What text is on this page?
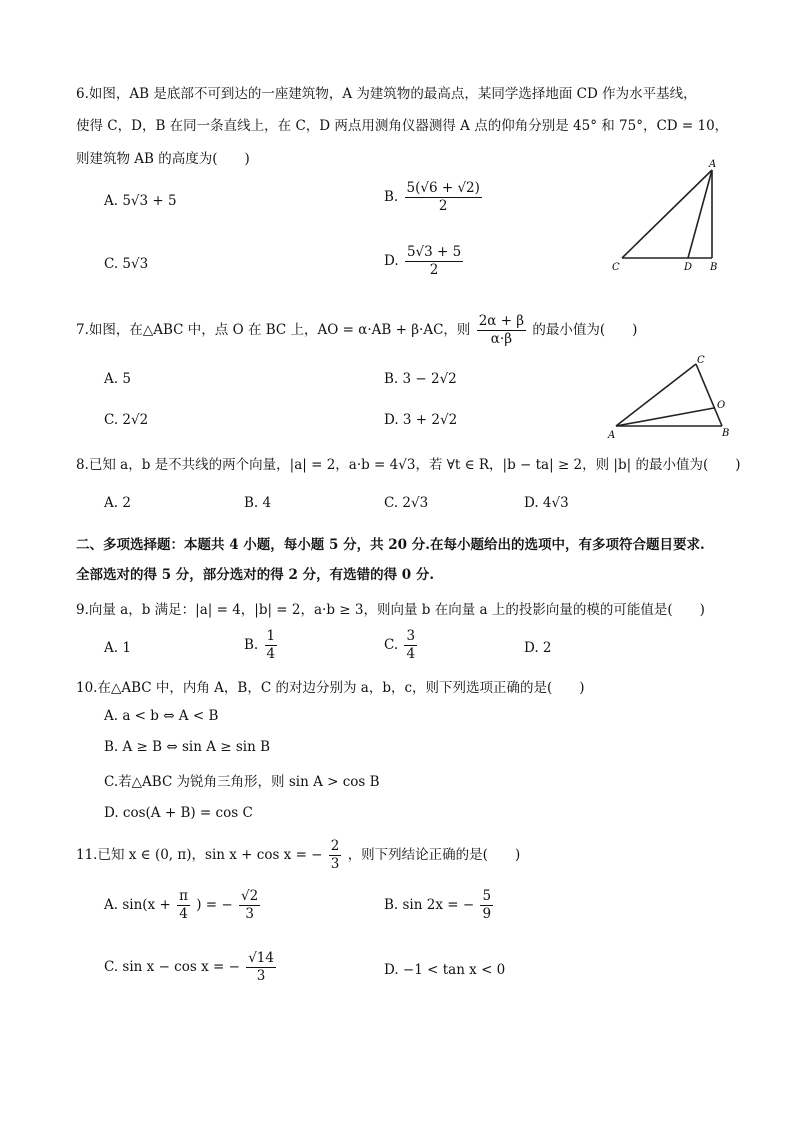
6.如图，AB 是底部不可到达的一座建筑物，A 为建筑物的最高点，某同学选择地面 CD 作为水平基线，
使得 C，D，B 在同一条直线上，在 C，D 两点用测角仪器测得 A 点的仰角分别是 45° 和 75°，CD = 10，
则建筑物 AB 的高度为(　　)
A. 5√3 + 5	B. $\frac{5(√6 + √2)}{2}$
C. 5√3	D. $\frac{5√3 + 5}{2}$
A
C	D B
7.如图，在△ABC 中，点 O 在 BC 上，AO = α·AB + β·AC，则 $\frac{2\alpha + \beta}{\alpha\cdot\beta}$ 的最小值为(　　)
A. 5	B. 3 − 2√2
C. 2√2	D. 3 + 2√2
C
O
A	B
8.已知 a，b 是不共线的两个向量，|a| = 2，a·b = 4√3，若 ∀t ∈ R，|b − ta| ≥ 2，则 |b| 的最小值为(　　)
A. 2	B. 4	C. 2√3	D. 4√3
二、多项选择题：本题共 4 小题，每小题 5 分，共 20 分.在每小题给出的选项中，有多项符合题目要求.
全部选对的得 5 分，部分选对的得 2 分，有选错的得 0 分.
9.向量 a，b 满足：|a| = 4，|b| = 2，a·b ≥ 3，则向量 b 在向量 a 上的投影向量的模的可能值是(　　)
A. 1	B. $\frac{1}{4}$	C. $\frac{3}{4}$	D. 2
10.在△ABC 中，内角 A，B，C 的对边分别为 a，b，c，则下列选项正确的是(　　)
A. a < b ⇔ A < B
B. A ≥ B ⇔ sin A ≥ sin B
C.若△ABC 为锐角三角形，则 sin A > cos B
D. cos(A + B) = cos C
11.已知 x ∈ (0, π)，sin x + cos x = − $\frac{2}{3}$ ，则下列结论正确的是(　　)
A. $\sin(x + \frac{\pi}{4}$ ) = − $\frac{√2}{3}$	B. sin 2x = − $\frac{5}{9}$
C. sin x − cos x = − $\frac{√14}{3}$	D. −1 < tan x < 0
